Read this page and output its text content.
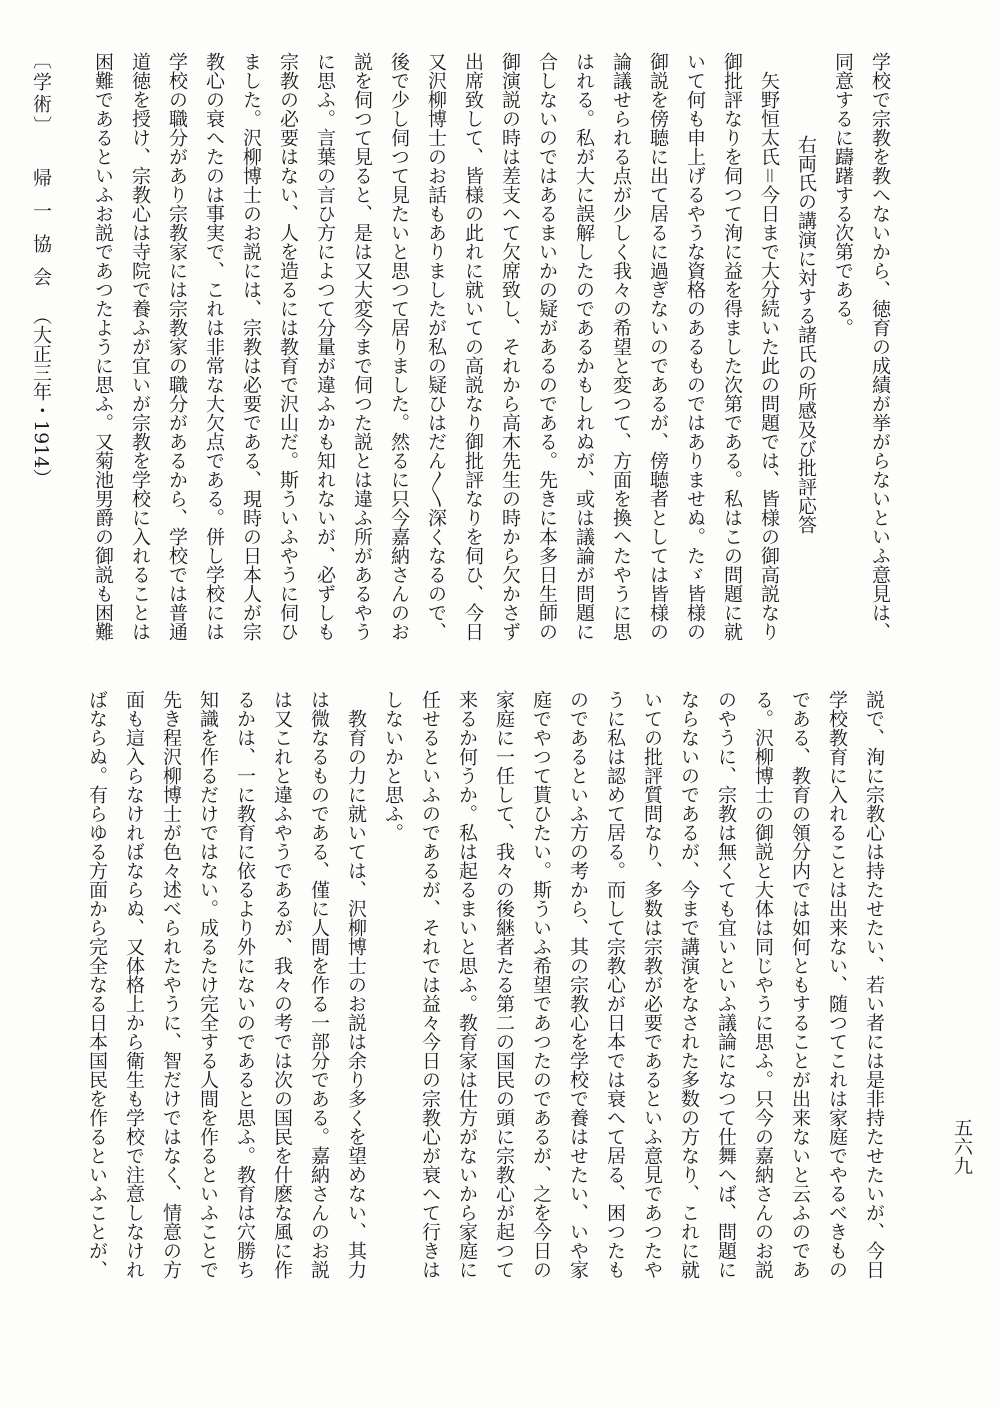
学校で宗教を教へないから、徳育の成績が挙がらないといふ意見は、
同意するに躊躇する次第である。
右両氏の講演に対する諸氏の所感及び批評応答
矢野恒太氏＝今日まで大分続いた此の問題では、皆様の御高説なり
御批評なりを伺つて洵に益を得ました次第である。私はこの問題に就
いて何も申上げるやうな資格のあるものではありませぬ。たゞ皆様の
御説を傍聴に出て居るに過ぎないのであるが、傍聴者としては皆様の
論議せられる点が少しく我々の希望と変つて、方面を換へたやうに思
はれる。私が大に誤解したのであるかもしれぬが、或は議論が問題に
合しないのではあるまいかの疑があるのである。先きに本多日生師の
御演説の時は差支へて欠席致し、それから高木先生の時から欠かさず
出席致して、皆様の此れに就いての高説なり御批評なりを伺ひ、今日
又沢柳博士のお話もありましたが私の疑ひはだん〳〵深くなるので、
後で少し伺つて見たいと思つて居りました。然るに只今嘉納さんのお
説を伺つて見ると、是は又大変今まで伺つた説とは違ふ所があるやう
に思ふ。言葉の言ひ方によつて分量が違ふかも知れないが、必ずしも
宗教の必要はない、人を造るには教育で沢山だ。斯ういふやうに伺ひ
ました。沢柳博士のお説には、宗教は必要である、現時の日本人が宗
教心の衰へたのは事実で、これは非常な大欠点である。併し学校には
学校の職分があり宗教家には宗教家の職分があるから、学校では普通
道徳を授け、宗教心は寺院で養ふが宜いが宗教を学校に入れることは
困難であるといふお説であつたように思ふ。又菊池男爵の御説も困難
説で、洵に宗教心は持たせたい、若い者には是非持たせたいが、今日
学校教育に入れることは出来ない、随つてこれは家庭でやるべきもの
である、教育の領分内では如何ともすることが出来ないと云ふのであ
る。沢柳博士の御説と大体は同じやうに思ふ。只今の嘉納さんのお説
のやうに、宗教は無くても宜いといふ議論になつて仕舞へば、問題に
ならないのであるが、今まで講演をなされた多数の方なり、これに就
いての批評質問なり、多数は宗教が必要であるといふ意見であつたや
うに私は認めて居る。而して宗教心が日本では衰へて居る、困つたも
のであるといふ方の考から、其の宗教心を学校で養はせたい、いや家
庭でやつて貰ひたい。斯ういふ希望であつたのであるが、之を今日の
家庭に一任して、我々の後継者たる第二の国民の頭に宗教心が起つて
来るか何うか。私は起るまいと思ふ。教育家は仕方がないから家庭に
任せるといふのであるが、それでは益々今日の宗教心が衰へて行きは
しないかと思ふ。
教育の力に就いては、沢柳博士のお説は余り多くを望めない、其力
は微なるものである、僅に人間を作る一部分である。嘉納さんのお説
は又これと違ふやうであるが、我々の考では次の国民を什麽な風に作
るかは、一に教育に依るより外にないのであると思ふ。教育は穴勝ち
知識を作るだけではない。成るたけ完全する人間を作るといふことで
先き程沢柳博士が色々述べられたやうに、智だけではなく、情意の方
面も這入らなければならぬ、又体格上から衛生も学校で注意しなけれ
ばならぬ。有らゆる方面から完全なる日本国民を作るといふことが、
〔学術〕帰一協会（大正三年・1914）
五六九
